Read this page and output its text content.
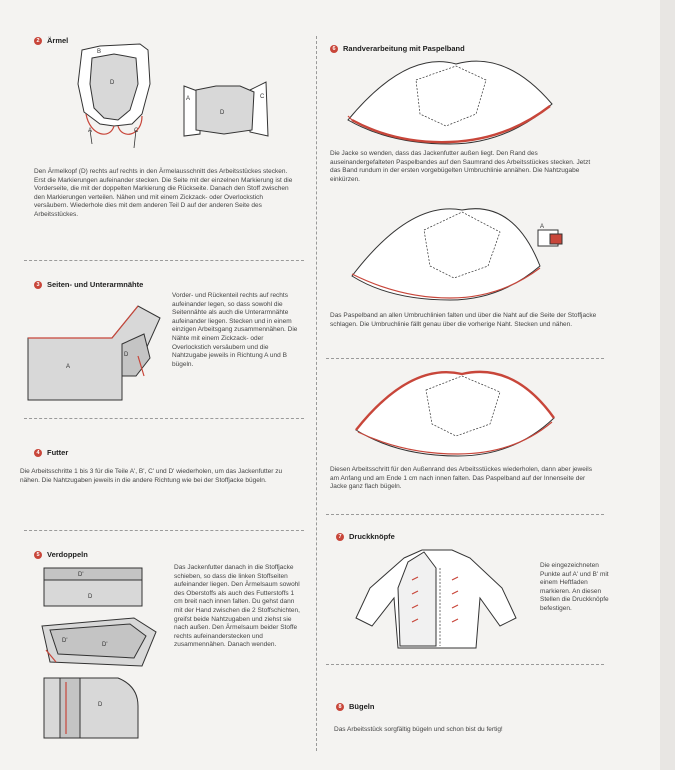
2 Ärmel
B
D
A	C
D
A	C
Den Ärmelkopf (D) rechts auf rechts in den Ärmelausschnitt des Arbeitsstückes stecken. Erst die Markierungen aufeinander stecken. Die Seite mit der einzelnen Markierung ist die Vorderseite, die mit der doppelten Markierung die Rückseite. Danach den Stoff zwischen den Markierungen verteilen. Nähen und mit einem Zickzack- oder Overlockstich versäubern. Wiederhole dies mit dem anderen Teil D auf der anderen Seite des Arbeitsstückes.
3 Seiten- und Unterarmnähte
A
D
Vorder- und Rückenteil rechts auf rechts aufeinander legen, so dass sowohl die Seitennähte als auch die Unterarmnähte aufeinander liegen. Stecken und in einem einzigen Arbeitsgang zusammennähen. Die Nähte mit einem Zickzack- oder Overlockstich versäubern und die Nahtzugabe jeweils in Richtung A und B bügeln.
4 Futter
Die Arbeitsschritte 1 bis 3 für die Teile A', B', C' und D' wiederholen, um das Jackenfutter zu nähen. Die Nahtzugaben jeweils in die andere Richtung wie bei der Stoffjacke bügeln.
5 Verdoppeln
D'
D
D'
D'
D
Das Jackenfutter danach in die Stoffjacke schieben, so dass die linken Stoffseiten aufeinander liegen. Den Ärmelsaum sowohl des Oberstoffs als auch des Futterstoffs 1 cm breit nach innen falten. Du gehst dann mit der Hand zwischen die 2 Stoffschichten, greifst beide Nahtzugaben und ziehst sie nach außen. Den Ärmelsaum beider Stoffe rechts aufeinanderstecken und zusammennähen. Danach wenden.
6 Randverarbeitung mit Paspelband
Die Jacke so wenden, dass das Jackenfutter außen liegt. Den Rand des auseinandergefalteten Paspelbandes auf den Saumrand des Arbeitsstückes stecken. Jetzt das Band rundum in der ersten vorgebügelten Umbruchlinie annähen. Die Nahtzugabe einkürzen.
A
Das Paspelband an allen Umbruchlinien falten und über die Naht auf die Seite der Stoffjacke schlagen. Die Umbruchlinie fällt genau über die vorherige Naht. Stecken und nähen.
Diesen Arbeitsschritt für den Außenrand des Arbeitsstückes wiederholen, dann aber jeweils am Anfang und am Ende 1 cm nach innen falten. Das Paspelband auf der Innenseite der Jacke ganz flach bügeln.
7 Druckknöpfe
Die eingezeichneten Punkte auf A' und B' mit einem Heftfaden markieren. An diesen Stellen die Druckknöpfe befestigen.
8 Bügeln
Das Arbeitsstück sorgfältig bügeln und schon bist du fertig!
